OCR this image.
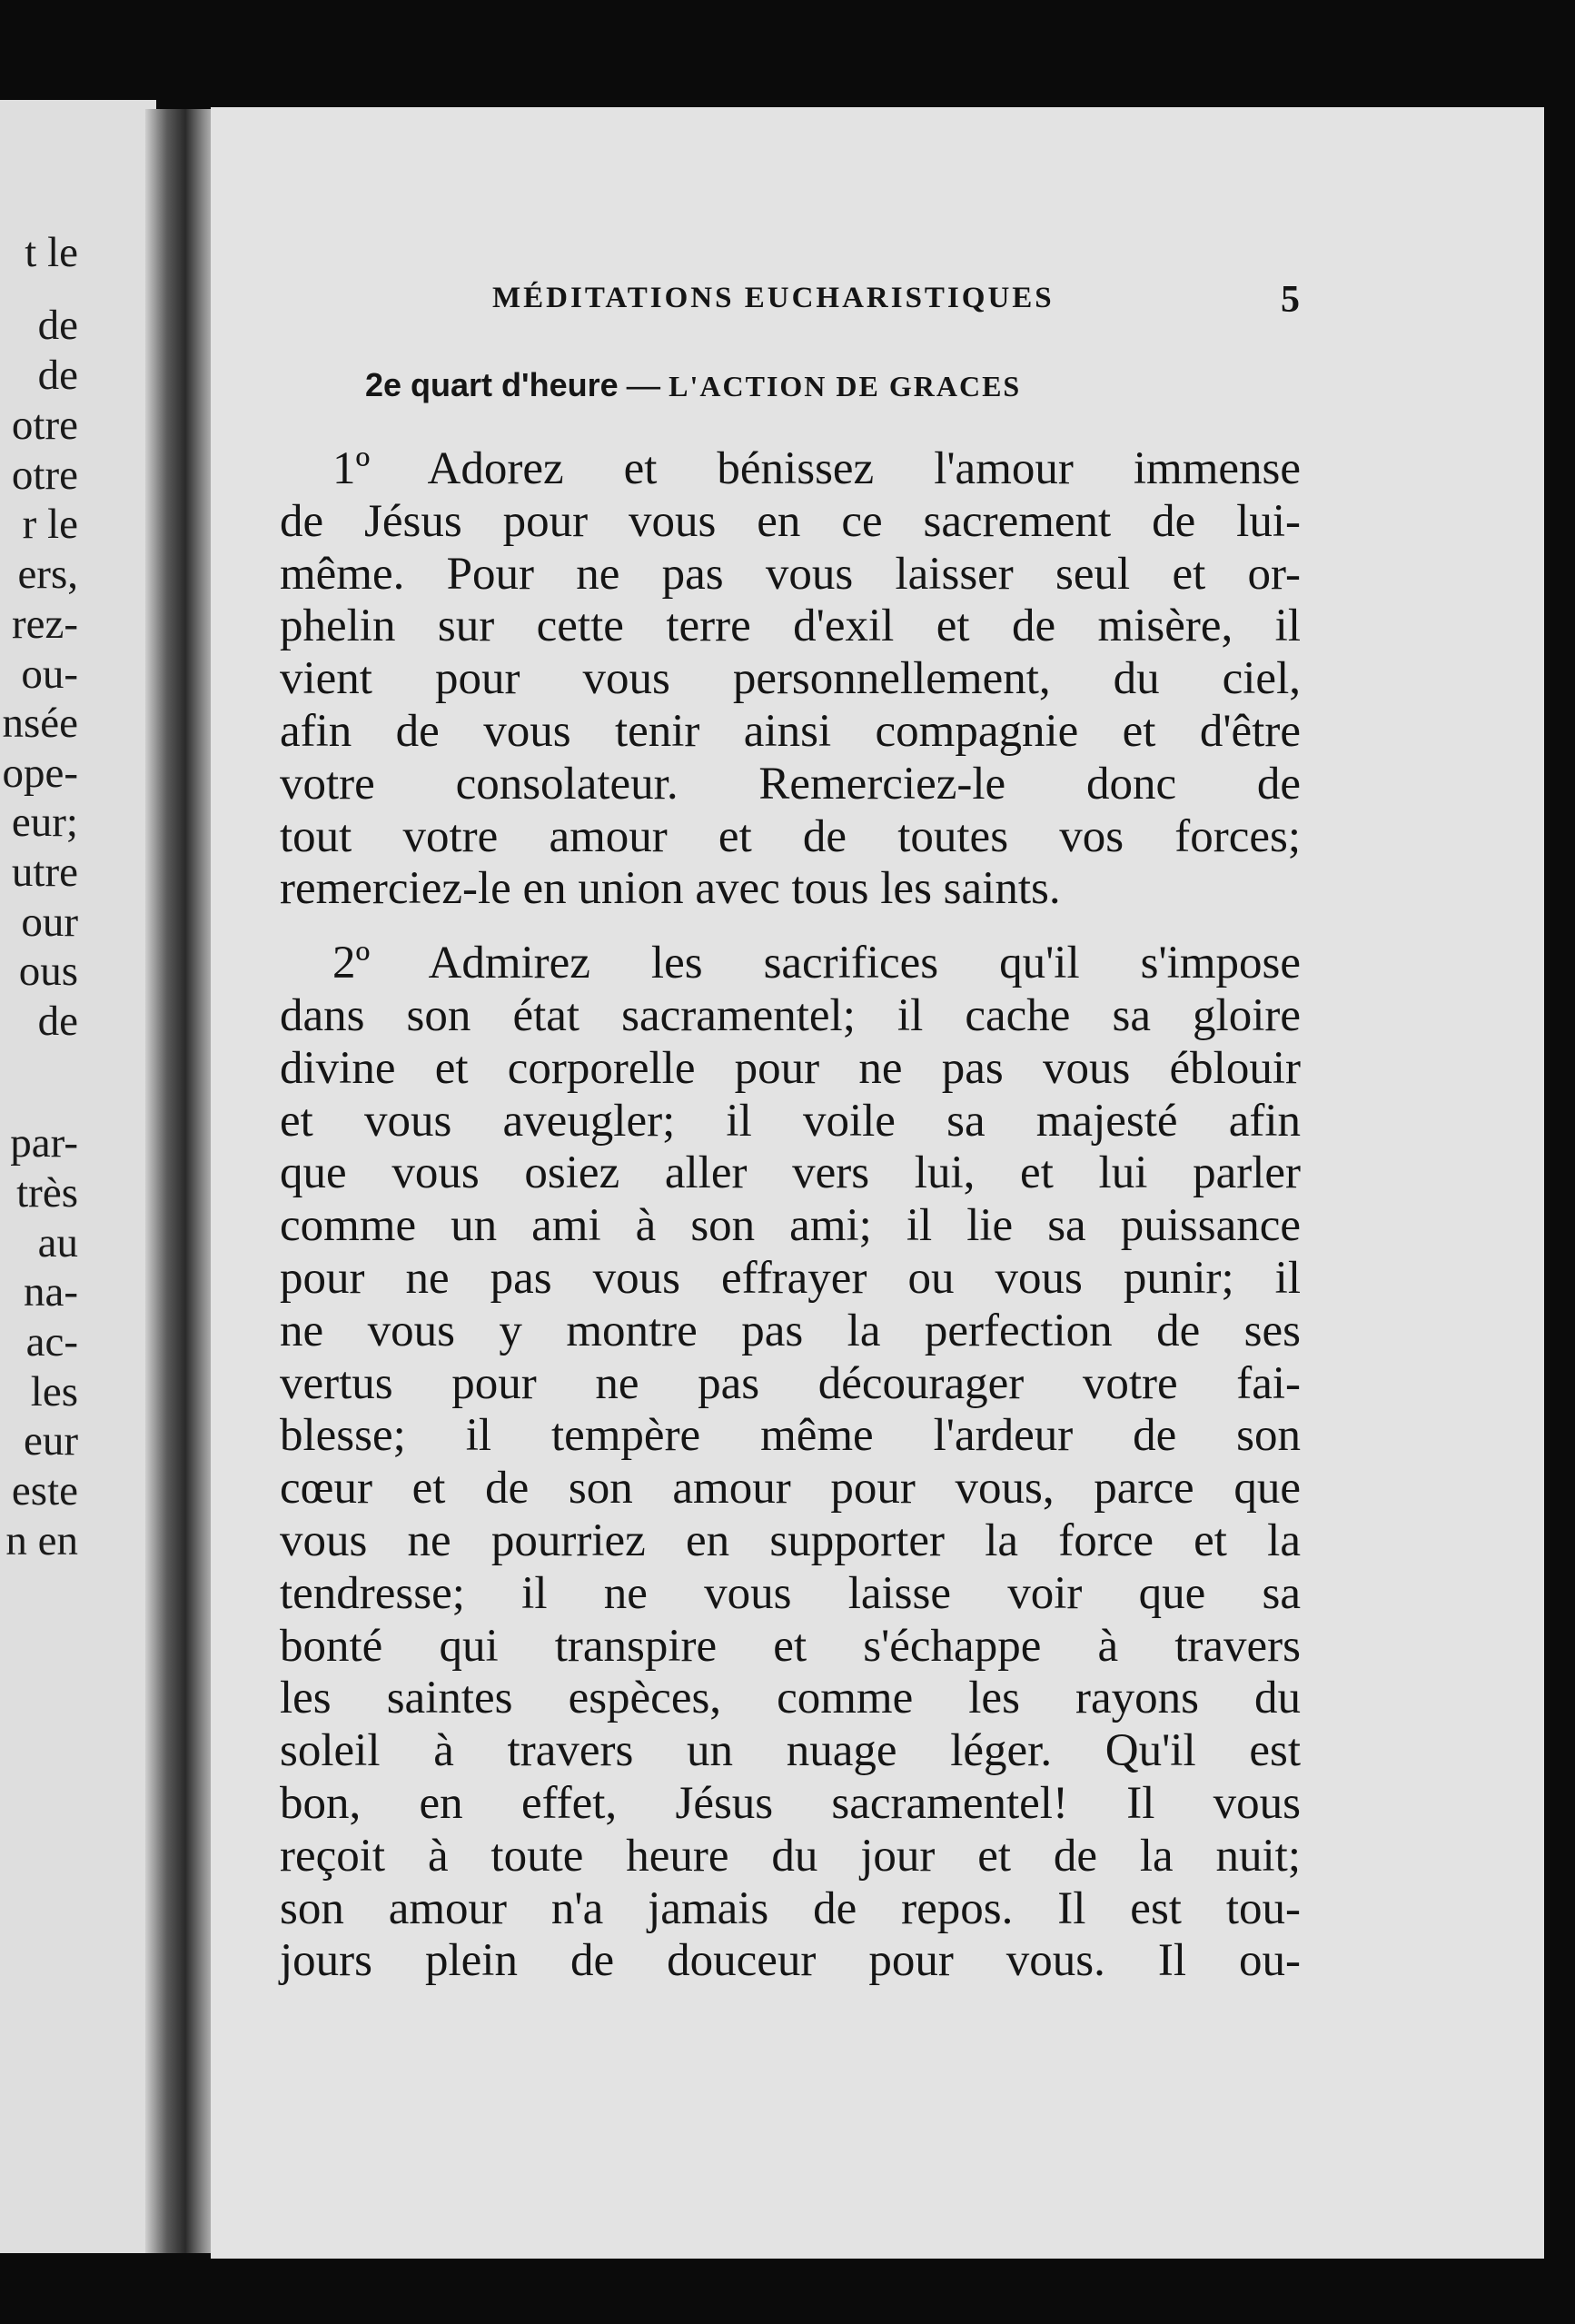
t le
de
de
otre
otre
r le
ers,
rez-
ou-
nsée
ope-
eur;
utre
our
ous
de
par-
très
au
na-
ac-
les
eur
este
n en
MÉDITATIONS EUCHARISTIQUES	5
2e quart d'heure — L'ACTION DE GRACES
1º Adorez et bénissez l'amour immense
de Jésus pour vous en ce sacrement de lui-
même. Pour ne pas vous laisser seul et or-
phelin sur cette terre d'exil et de misère, il
vient pour vous personnellement, du ciel,
afin de vous tenir ainsi compagnie et d'être
votre consolateur. Remerciez-le donc de
tout votre amour et de toutes vos forces;
remerciez-le en union avec tous les saints.
2º Admirez les sacrifices qu'il s'impose
dans son état sacramentel; il cache sa gloire
divine et corporelle pour ne pas vous éblouir
et vous aveugler; il voile sa majesté afin
que vous osiez aller vers lui, et lui parler
comme un ami à son ami; il lie sa puissance
pour ne pas vous effrayer ou vous punir; il
ne vous y montre pas la perfection de ses
vertus pour ne pas décourager votre fai-
blesse; il tempère même l'ardeur de son
cœur et de son amour pour vous, parce que
vous ne pourriez en supporter la force et la
tendresse; il ne vous laisse voir que sa
bonté qui transpire et s'échappe à travers
les saintes espèces, comme les rayons du
soleil à travers un nuage léger. Qu'il est
bon, en effet, Jésus sacramentel! Il vous
reçoit à toute heure du jour et de la nuit;
son amour n'a jamais de repos. Il est tou-
jours plein de douceur pour vous. Il ou-
